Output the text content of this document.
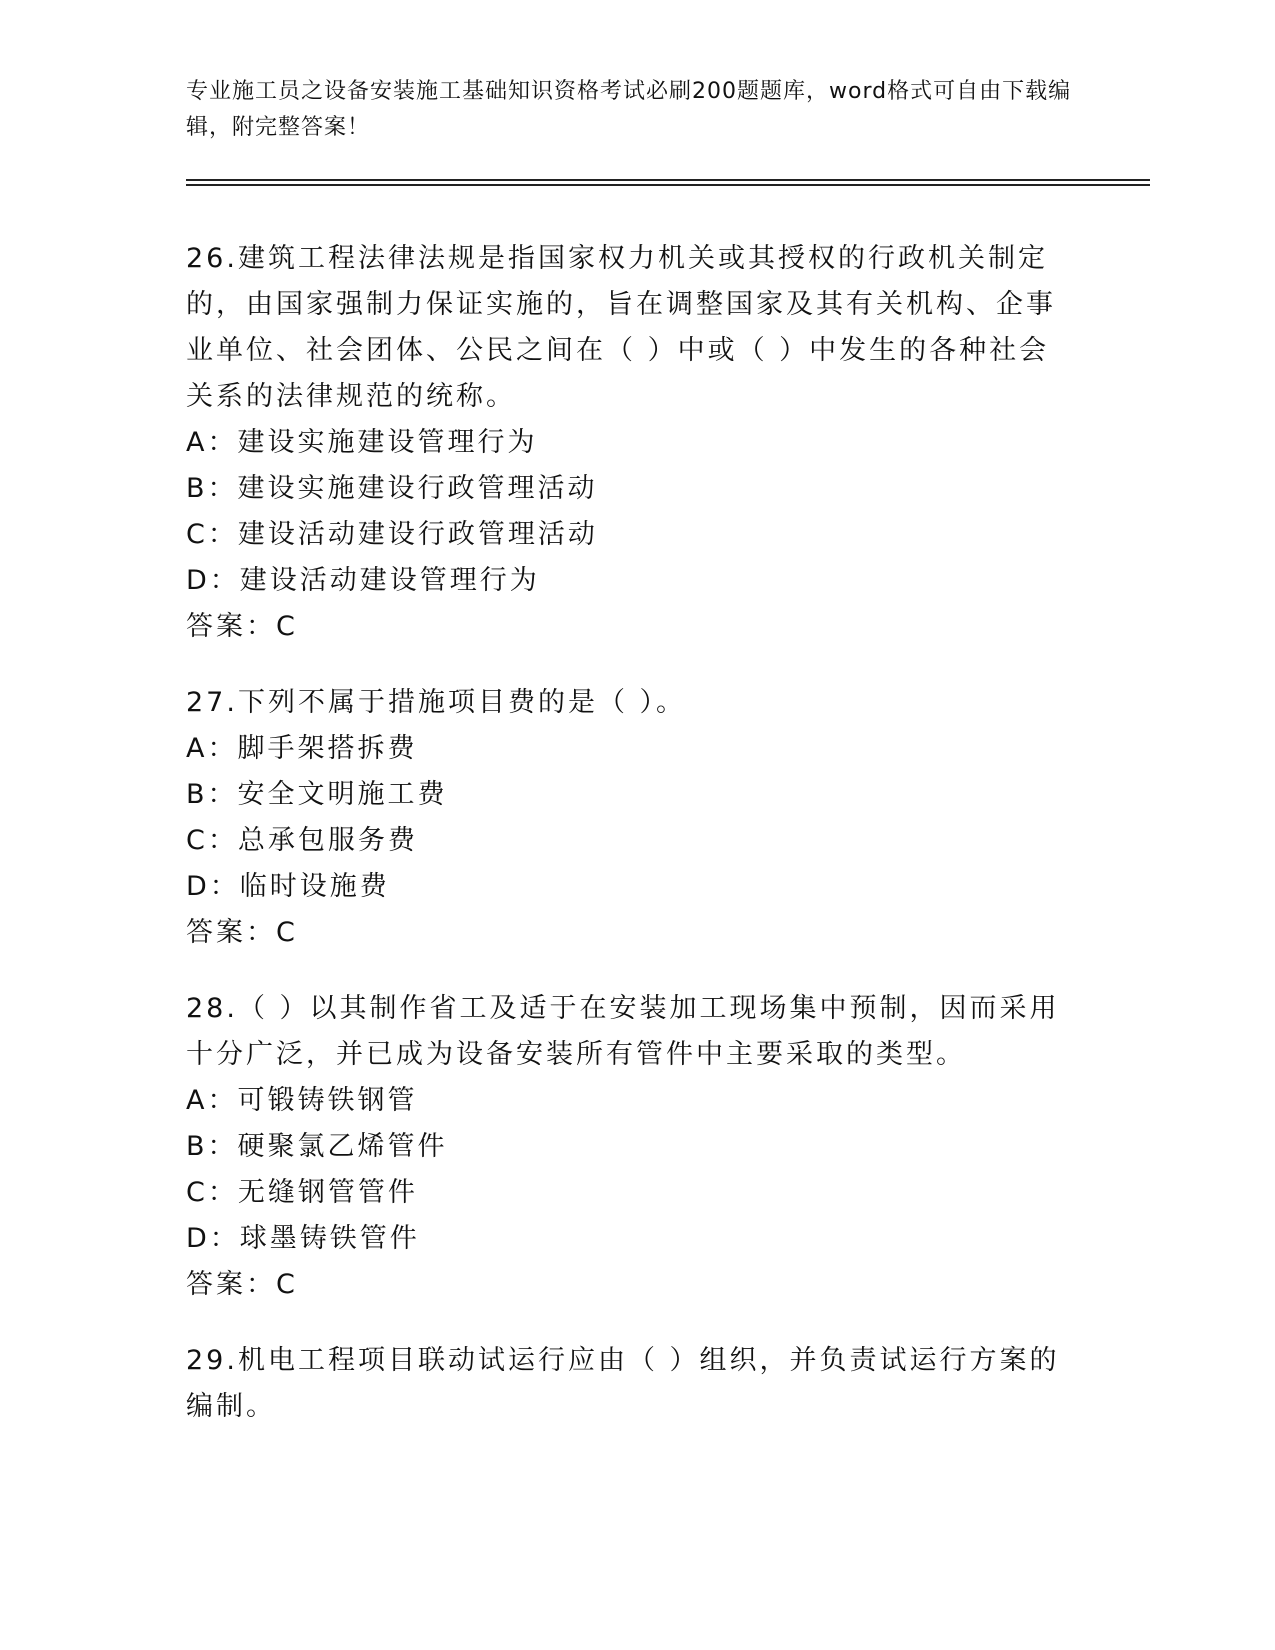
专业施工员之设备安装施工基础知识资格考试必刷200题题库，word格式可自由下载编辑，附完整答案！

26.建筑工程法律法规是指国家权力机关或其授权的行政机关制定的，由国家强制力保证实施的，旨在调整国家及其有关机构、企事业单位、社会团体、公民之间在（ ）中或（ ）中发生的各种社会关系的法律规范的统称。

A：建设实施建设管理行为
B：建设实施建设行政管理活动
C：建设活动建设行政管理活动
D：建设活动建设管理行为
答案：C

27.下列不属于措施项目费的是（ ）。

A：脚手架搭拆费
B：安全文明施工费
C：总承包服务费
D：临时设施费
答案：C

28.（ ）以其制作省工及适于在安装加工现场集中预制，因而采用十分广泛，并已成为设备安装所有管件中主要采取的类型。

A：可锻铸铁钢管
B：硬聚氯乙烯管件
C：无缝钢管管件
D：球墨铸铁管件
答案：C

29.机电工程项目联动试运行应由（ ）组织，并负责试运行方案的编制。
